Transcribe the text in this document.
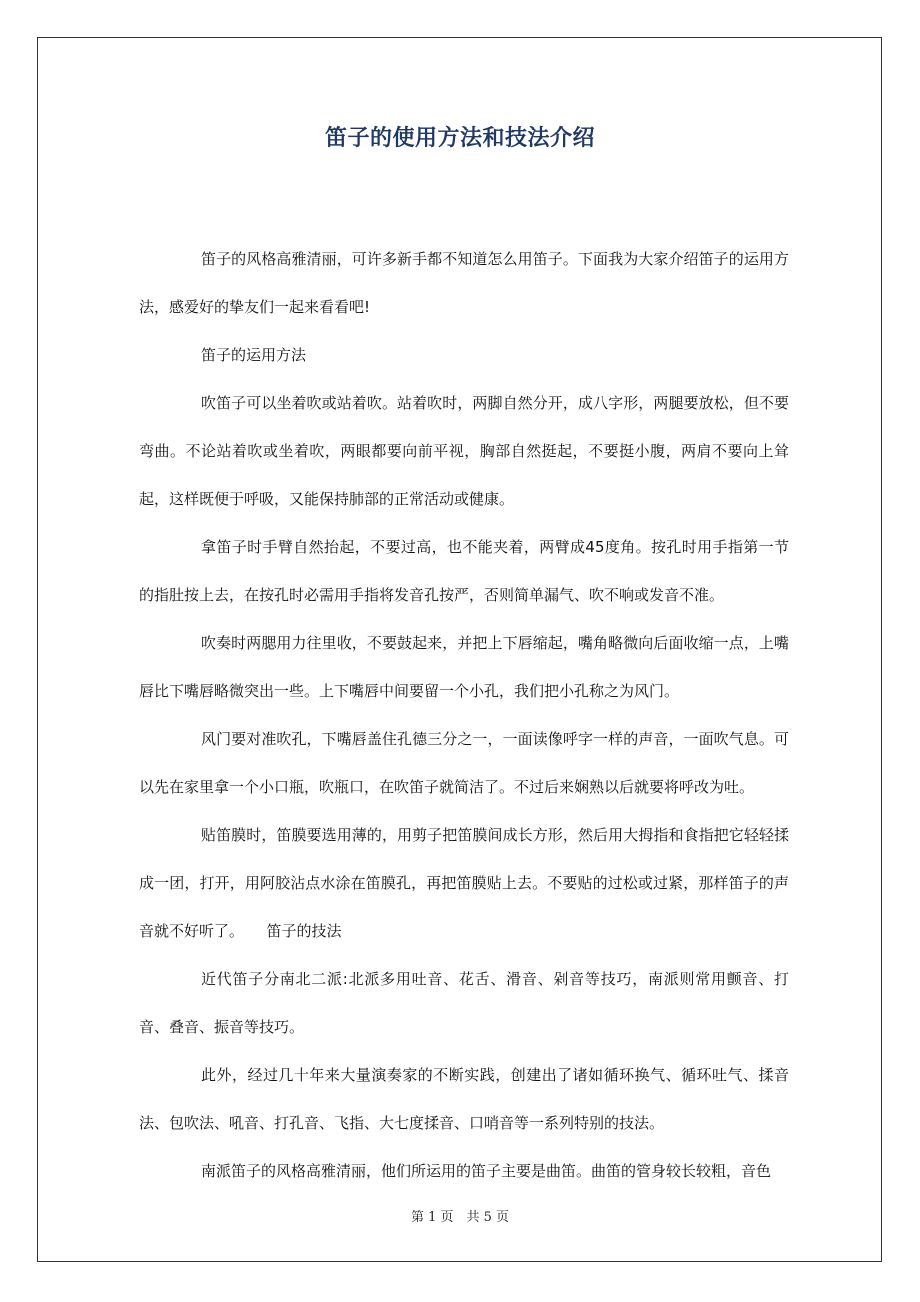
笛子的使用方法和技法介绍

笛子的风格高雅清丽，可许多新手都不知道怎么用笛子。下面我为大家介绍笛子的运用方法，感爱好的挚友们一起来看看吧!

笛子的运用方法

吹笛子可以坐着吹或站着吹。站着吹时，两脚自然分开，成八字形，两腿要放松，但不要弯曲。不论站着吹或坐着吹，两眼都要向前平视，胸部自然挺起，不要挺小腹，两肩不要向上耸起，这样既便于呼吸，又能保持肺部的正常活动或健康。

拿笛子时手臂自然抬起，不要过高，也不能夹着，两臂成45度角。按孔时用手指第一节的指肚按上去，在按孔时必需用手指将发音孔按严，否则简单漏气、吹不响或发音不准。

吹奏时两腮用力往里收，不要鼓起来，并把上下唇缩起，嘴角略微向后面收缩一点，上嘴唇比下嘴唇略微突出一些。上下嘴唇中间要留一个小孔，我们把小孔称之为风门。

风门要对准吹孔，下嘴唇盖住孔德三分之一，一面读像呼字一样的声音，一面吹气息。可以先在家里拿一个小口瓶，吹瓶口，在吹笛子就简洁了。不过后来娴熟以后就要将呼改为吐。

贴笛膜时，笛膜要选用薄的，用剪子把笛膜间成长方形，然后用大拇指和食指把它轻轻揉成一团，打开，用阿胶沾点水涂在笛膜孔，再把笛膜贴上去。不要贴的过松或过紧，那样笛子的声音就不好听了。　　笛子的技法

近代笛子分南北二派:北派多用吐音、花舌、滑音、剁音等技巧，南派则常用颤音、打音、叠音、振音等技巧。

此外，经过几十年来大量演奏家的不断实践，创建出了诸如循环换气、循环吐气、揉音法、包吹法、吼音、打孔音、飞指、大七度揉音、口哨音等一系列特别的技法。

南派笛子的风格高雅清丽，他们所运用的笛子主要是曲笛。曲笛的管身较长较粗，音色

第 1 页　共 5 页
